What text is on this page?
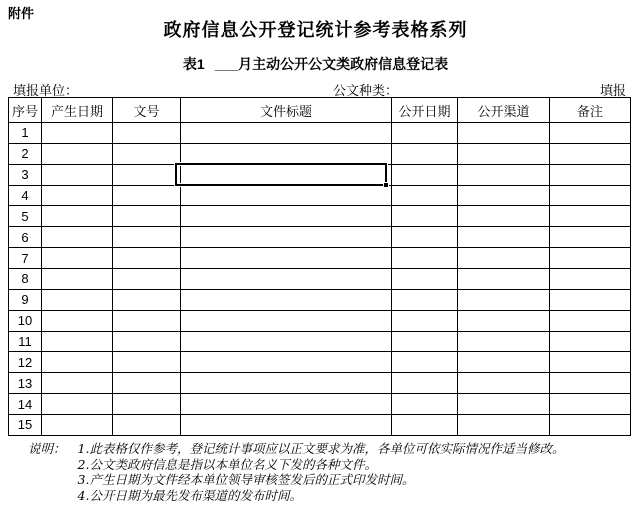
附件
政府信息公开登记统计参考表格系列
表1 ___月主动公开公文类政府信息登记表
填报单位：	公文种类：	填报
序号	产生日期	文号	文件标题	公开日期	公开渠道	备注
1						
2						
3						
4						
5						
6						
7						
8						
9						
10						
11						
12						
13						
14						
15						
说明： 1.此表格仅作参考，登记统计事项应以正文要求为准，各单位可依实际情况作适当修改。
2.公文类政府信息是指以本单位名义下发的各种文件。
3.产生日期为文件经本单位领导审核签发后的正式印发时间。
4.公开日期为最先发布渠道的发布时间。
